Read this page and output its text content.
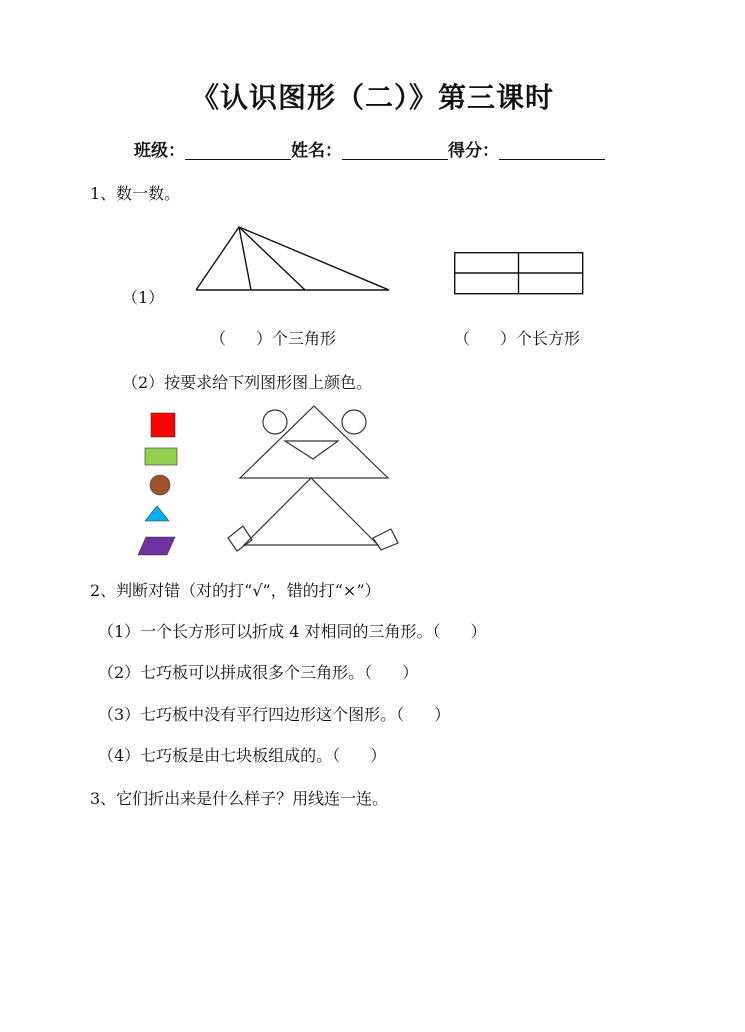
《认识图形（二）》第三课时
班级：	姓名：	得分：
1、数一数。
（1）
（ ）个三角形	（ ）个长方形
（2）按要求给下列图形图上颜色。
2、判断对错（对的打“√”，错的打“×”）
（1）一个长方形可以折成 4 对相同的三角形。（ ）
（2）七巧板可以拼成很多个三角形。（ ）
（3）七巧板中没有平行四边形这个图形。（ ）
（4）七巧板是由七块板组成的。（ ）
3、它们折出来是什么样子？用线连一连。
